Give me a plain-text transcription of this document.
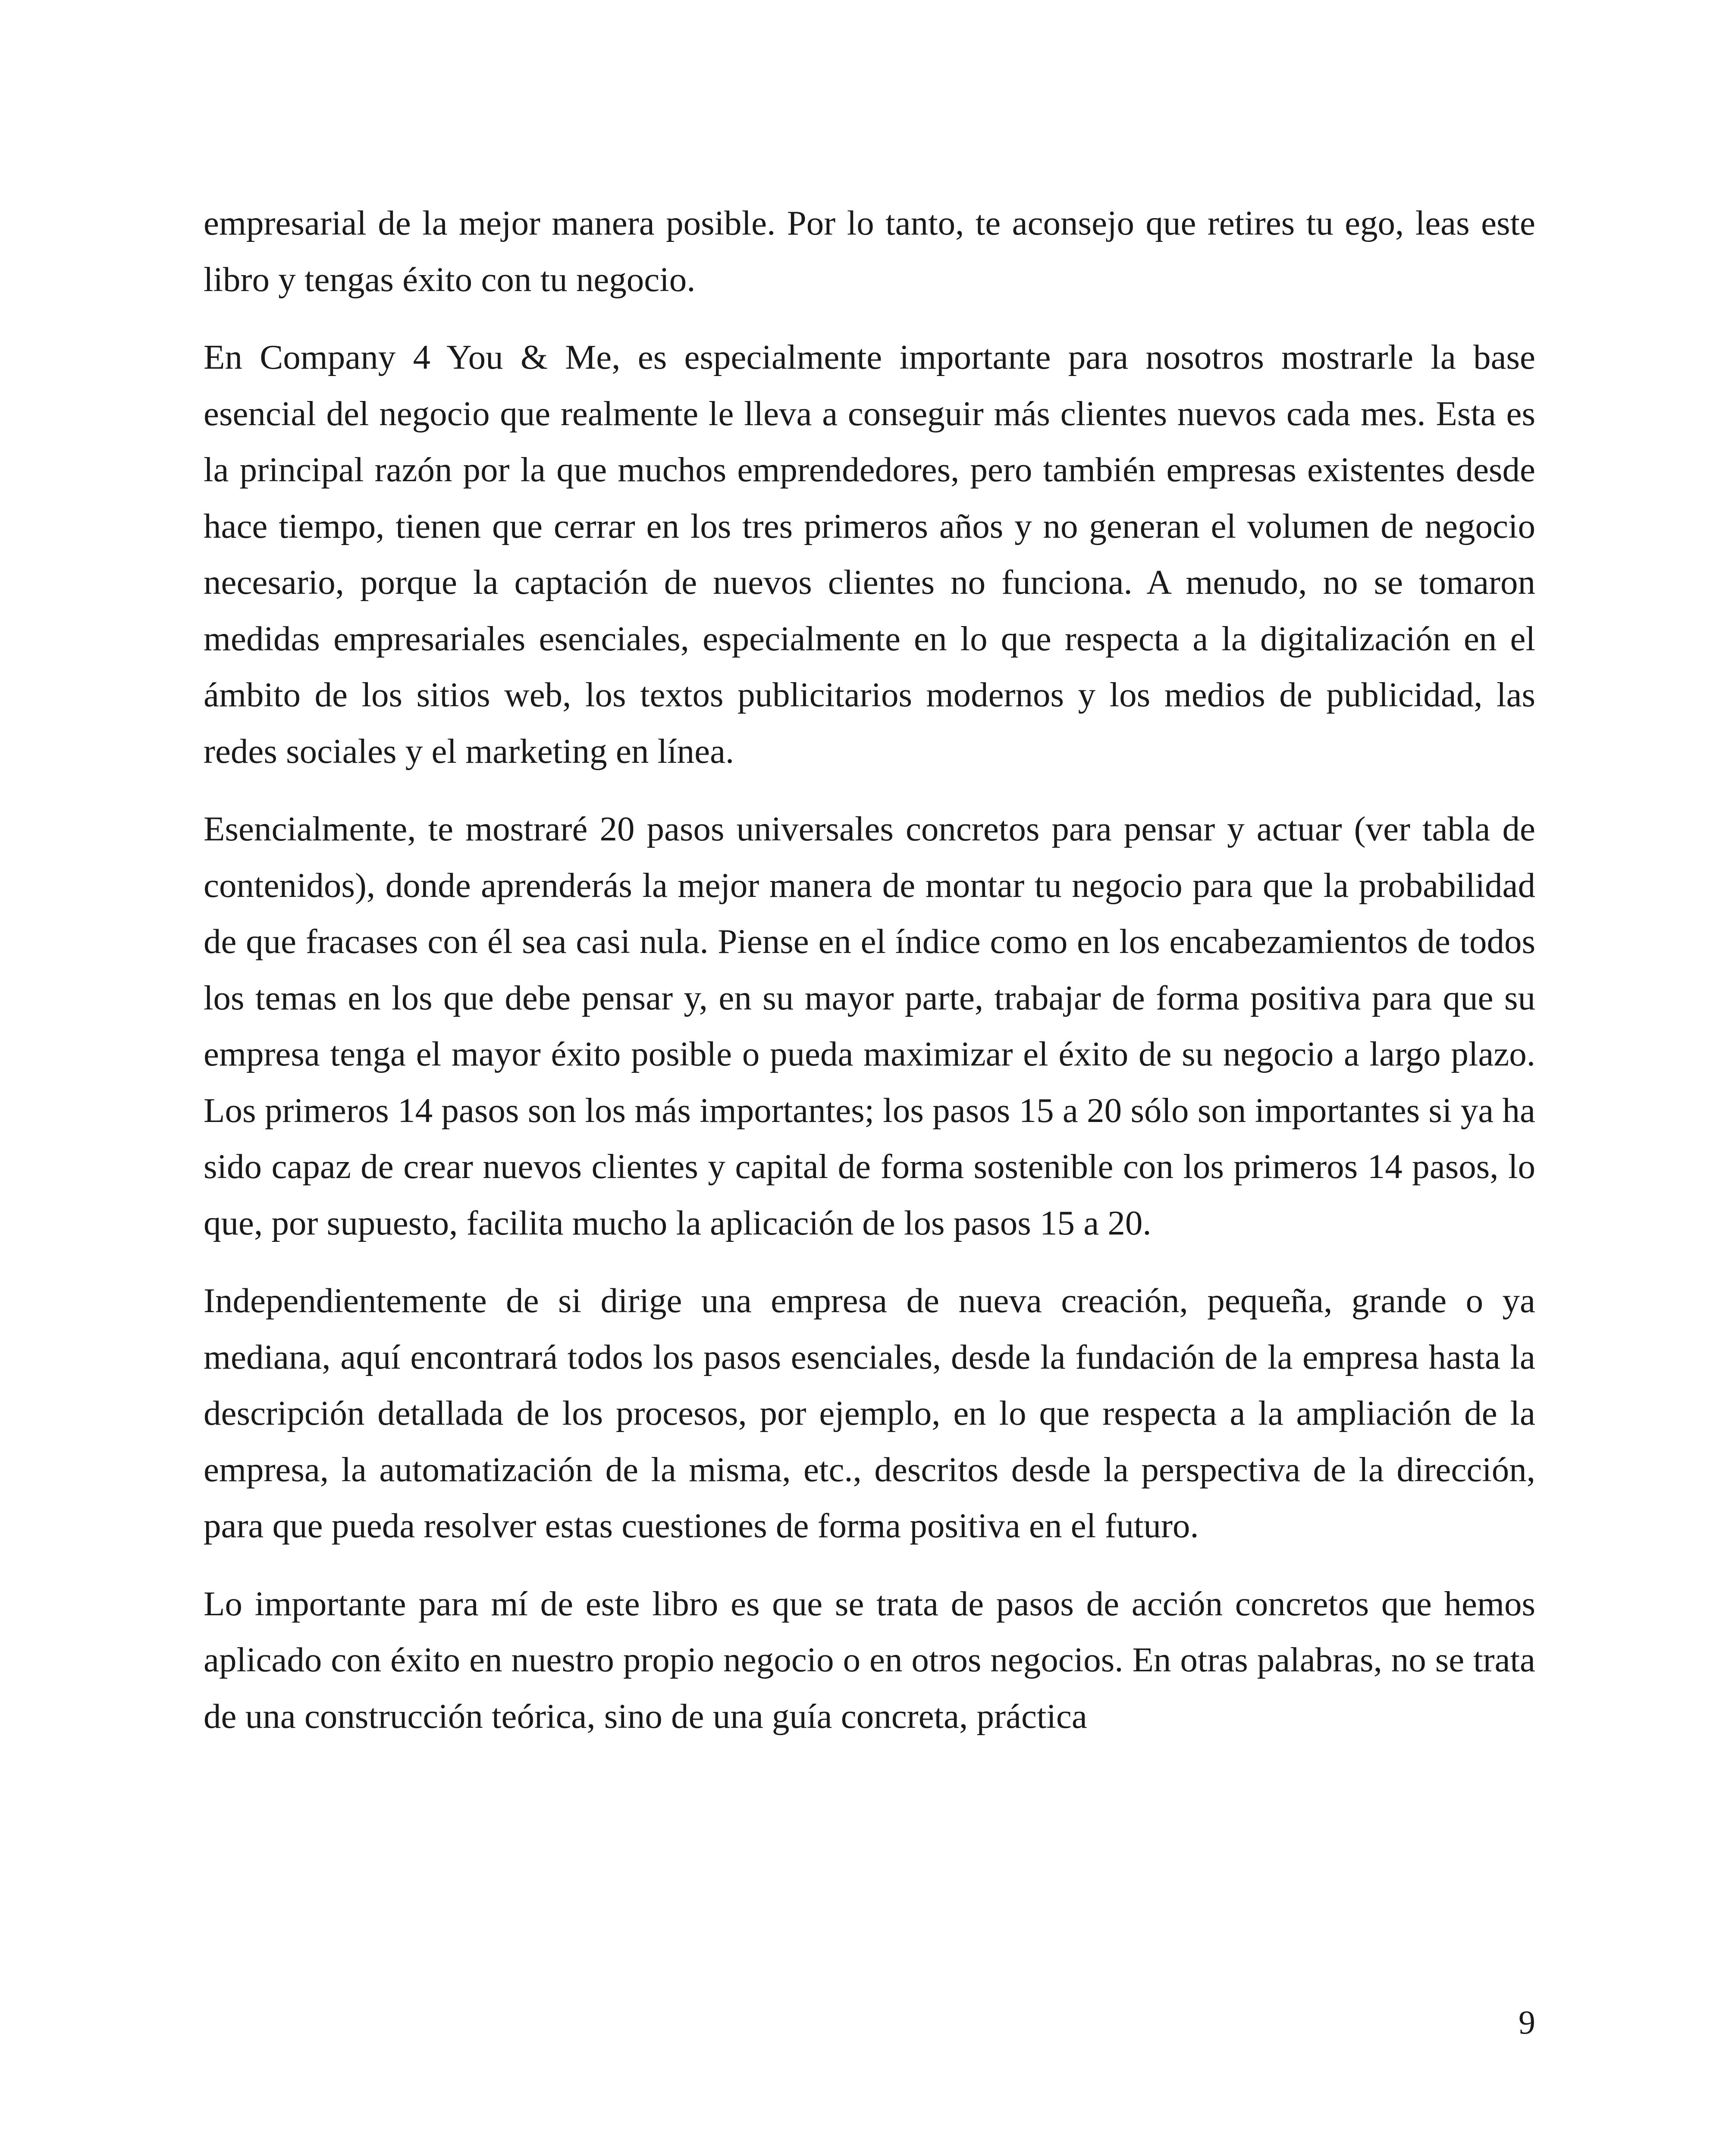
empresarial de la mejor manera posible. Por lo tanto, te aconsejo que retires tu ego, leas este libro y tengas éxito con tu negocio.

En Company 4 You & Me, es especialmente importante para nosotros mostrarle la base esencial del negocio que realmente le lleva a conseguir más clientes nuevos cada mes. Esta es la principal razón por la que muchos emprendedores, pero también empresas existentes desde hace tiempo, tienen que cerrar en los tres primeros años y no generan el volumen de negocio necesario, porque la captación de nuevos clientes no funciona. A menudo, no se tomaron medidas empresariales esenciales, especialmente en lo que respecta a la digitalización en el ámbito de los sitios web, los textos publicitarios modernos y los medios de publicidad, las redes sociales y el marketing en línea.

Esencialmente, te mostraré 20 pasos universales concretos para pensar y actuar (ver tabla de contenidos), donde aprenderás la mejor manera de montar tu negocio para que la probabilidad de que fracases con él sea casi nula. Piense en el índice como en los encabezamientos de todos los temas en los que debe pensar y, en su mayor parte, trabajar de forma positiva para que su empresa tenga el mayor éxito posible o pueda maximizar el éxito de su negocio a largo plazo. Los primeros 14 pasos son los más importantes; los pasos 15 a 20 sólo son importantes si ya ha sido capaz de crear nuevos clientes y capital de forma sostenible con los primeros 14 pasos, lo que, por supuesto, facilita mucho la aplicación de los pasos 15 a 20.

Independientemente de si dirige una empresa de nueva creación, pequeña, grande o ya mediana, aquí encontrará todos los pasos esenciales, desde la fundación de la empresa hasta la descripción detallada de los procesos, por ejemplo, en lo que respecta a la ampliación de la empresa, la automatización de la misma, etc., descritos desde la perspectiva de la dirección, para que pueda resolver estas cuestiones de forma positiva en el futuro.

Lo importante para mí de este libro es que se trata de pasos de acción concretos que hemos aplicado con éxito en nuestro propio negocio o en otros negocios. En otras palabras, no se trata de una construcción teórica, sino de una guía concreta, práctica

9
